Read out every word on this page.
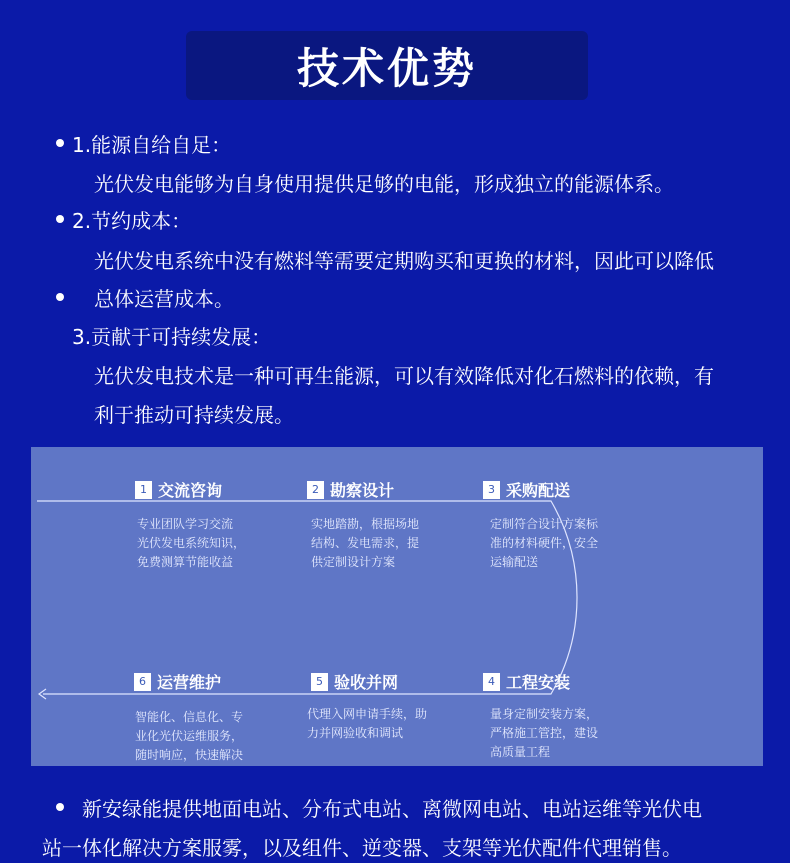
技术优势
1.能源自给自足：
光伏发电能够为自身使用提供足够的电能，形成独立的能源体系。
2.节约成本：
光伏发电系统中没有燃料等需要定期购买和更换的材料，因此可以降低
总体运营成本。
3.贡献于可持续发展：
光伏发电技术是一种可再生能源，可以有效降低对化石燃料的依赖，有
利于推动可持续发展。
1 交流咨询
专业团队学习交流
光伏发电系统知识，
免费测算节能收益
2 勘察设计
实地踏勘，根据场地
结构、发电需求，提
供定制设计方案
3 采购配送
定制符合设计方案标
准的材料硬件，安全
运输配送
4 工程安装
量身定制安装方案，
严格施工管控，建设
高质量工程
5 验收并网
代理入网申请手续，助
力并网验收和调试
6 运营维护
智能化、信息化、专
业化光伏运维服务，
随时响应，快速解决
新安绿能提供地面电站、分布式电站、离微网电站、电站运维等光伏电
站一体化解决方案服雾，以及组件、逆变器、支架等光伏配件代理销售。
